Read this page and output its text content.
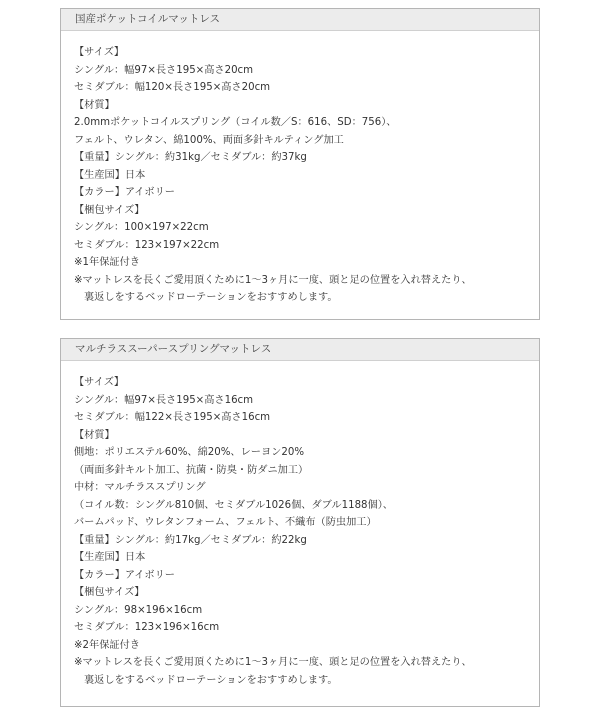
国産ポケットコイルマットレス
【サイズ】
シングル：幅97×長さ195×高さ20cm
セミダブル：幅120×長さ195×高さ20cm
【材質】
2.0mmポケットコイルスプリング（コイル数／S：616、SD：756）、
フェルト、ウレタン、綿100%、両面多針キルティング加工
【重量】シングル：約31kg／セミダブル：約37kg
【生産国】日本
【カラー】アイボリー
【梱包サイズ】
シングル：100×197×22cm
セミダブル：123×197×22cm
※1年保証付き
※マットレスを長くご愛用頂くために1〜3ヶ月に一度、頭と足の位置を入れ替えたり、
裏返しをするベッドローテーションをおすすめします。
マルチラススーパースプリングマットレス
【サイズ】
シングル：幅97×長さ195×高さ16cm
セミダブル：幅122×長さ195×高さ16cm
【材質】
側地：ポリエステル60%、綿20%、レーヨン20%
（両面多針キルト加工、抗菌・防臭・防ダニ加工）
中材：マルチラススプリング
（コイル数：シングル810個、セミダブル1026個、ダブル1188個）、
バームパッド、ウレタンフォーム、フェルト、不織布（防虫加工）
【重量】シングル：約17kg／セミダブル：約22kg
【生産国】日本
【カラー】アイボリー
【梱包サイズ】
シングル：98×196×16cm
セミダブル：123×196×16cm
※2年保証付き
※マットレスを長くご愛用頂くために1〜3ヶ月に一度、頭と足の位置を入れ替えたり、
裏返しをするベッドローテーションをおすすめします。
